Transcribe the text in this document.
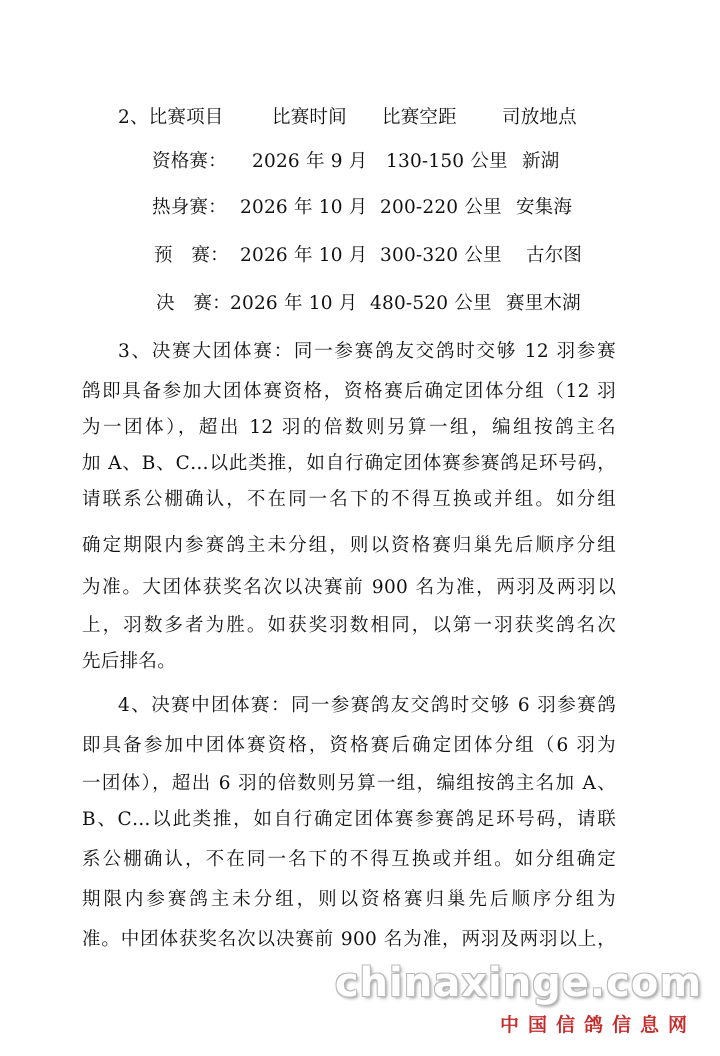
2、比赛项目	比赛时间 比赛空距 司放地点
资格赛： 2026 年 9 月 130-150 公里 新湖
热身赛： 2026 年 10 月 200-220 公里 安集海
预　赛： 2026 年 10 月 300-320 公里 古尔图
决　赛： 2026 年 10 月 480-520 公里 赛里木湖
3、决赛大团体赛：同一参赛鸽友交鸽时交够 12 羽参赛
鸽即具备参加大团体赛资格，资格赛后确定团体分组（12 羽
为一团体），超出 12 羽的倍数则另算一组，编组按鸽主名
加 A、B、C…以此类推，如自行确定团体赛参赛鸽足环号码，
请联系公棚确认，不在同一名下的不得互换或并组。如分组
确定期限内参赛鸽主未分组，则以资格赛归巢先后顺序分组
为准。大团体获奖名次以决赛前 900 名为准，两羽及两羽以
上，羽数多者为胜。如获奖羽数相同，以第一羽获奖鸽名次
先后排名。
4、决赛中团体赛：同一参赛鸽友交鸽时交够 6 羽参赛鸽
即具备参加中团体赛资格，资格赛后确定团体分组（6 羽为
一团体），超出 6 羽的倍数则另算一组，编组按鸽主名加 A、
B、C…以此类推，如自行确定团体赛参赛鸽足环号码，请联
系公棚确认，不在同一名下的不得互换或并组。如分组确定
期限内参赛鸽主未分组，则以资格赛归巢先后顺序分组为
准。中团体获奖名次以决赛前 900 名为准，两羽及两羽以上，
chinaxinge.com
中国信鸽信息网
